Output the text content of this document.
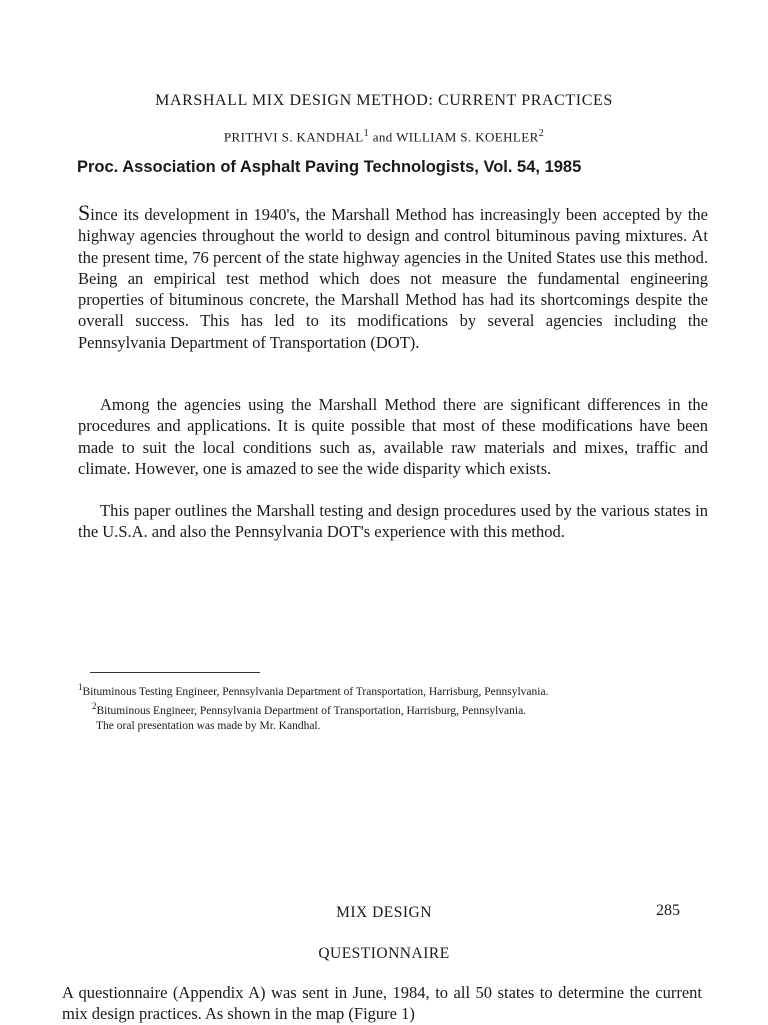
MARSHALL MIX DESIGN METHOD: CURRENT PRACTICES
PRITHVI S. KANDHAL$^1$ and WILLIAM S. KOEHLER$^2$
Proc. Association of Asphalt Paving Technologists, Vol. 54, 1985

Since its development in 1940's, the Marshall Method has increasingly been accepted by the highway agencies throughout the world to design and control bituminous paving mixtures. At the present time, 76 percent of the state highway agencies in the United States use this method. Being an empirical test method which does not measure the fundamental engineering properties of bituminous concrete, the Marshall Method has had its shortcomings despite the overall success. This has led to its modifications by several agencies including the Pennsylvania Department of Transportation (DOT).

Among the agencies using the Marshall Method there are significant differences in the procedures and applications. It is quite possible that most of these modifications have been made to suit the local conditions such as, available raw materials and mixes, traffic and climate. However, one is amazed to see the wide disparity which exists.

This paper outlines the Marshall testing and design procedures used by the various states in the U.S.A. and also the Pennsylvania DOT's experience with this method.

$^1$Bituminous Testing Engineer, Pennsylvania Department of Transportation, Harrisburg, Pennsylvania.

$^2$Bituminous Engineer, Pennsylvania Department of Transportation, Harrisburg, Pennsylvania.

The oral presentation was made by Mr. Kandhal.

MIX DESIGN	285
QUESTIONNAIRE

A questionnaire (Appendix A) was sent in June, 1984, to all 50 states to determine the current mix design practices. As shown in the map (Figure 1)
